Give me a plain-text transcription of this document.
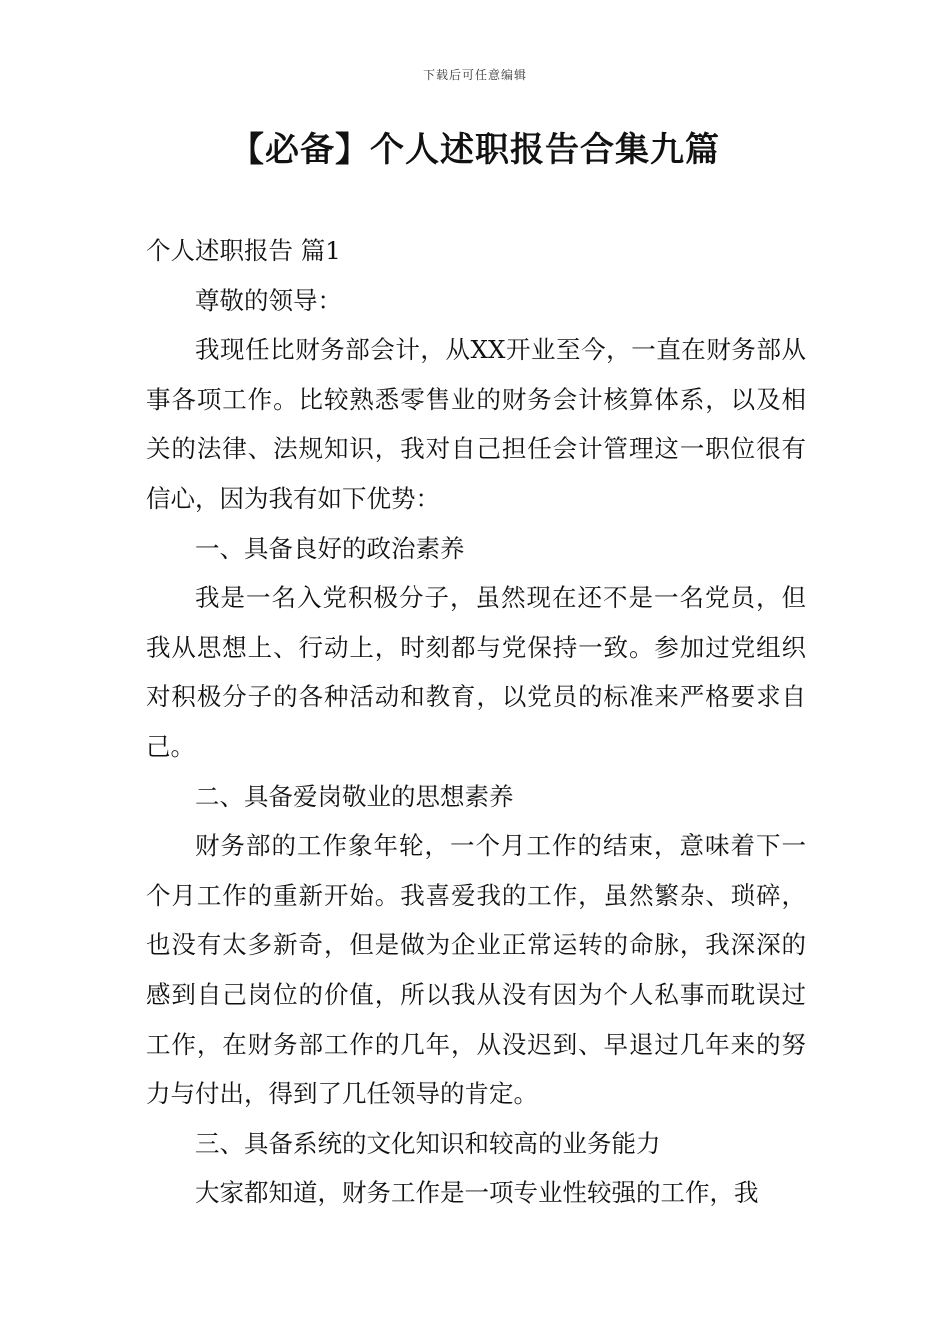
下载后可任意编辑
【必备】个人述职报告合集九篇

个人述职报告 篇1

尊敬的领导：

我现任比财务部会计，从XX开业至今，一直在财务部从事各项工作。比较熟悉零售业的财务会计核算体系，以及相关的法律、法规知识，我对自己担任会计管理这一职位很有信心，因为我有如下优势：

一、具备良好的政治素养

我是一名入党积极分子，虽然现在还不是一名党员，但我从思想上、行动上，时刻都与党保持一致。参加过党组织对积极分子的各种活动和教育，以党员的标准来严格要求自己。

二、具备爱岗敬业的思想素养

财务部的工作象年轮，一个月工作的结束，意味着下一个月工作的重新开始。我喜爱我的工作，虽然繁杂、琐碎，也没有太多新奇，但是做为企业正常运转的命脉，我深深的感到自己岗位的价值，所以我从没有因为个人私事而耽误过工作，在财务部工作的几年，从没迟到、早退过几年来的努力与付出，得到了几任领导的肯定。

三、具备系统的文化知识和较高的业务能力

大家都知道，财务工作是一项专业性较强的工作，我
